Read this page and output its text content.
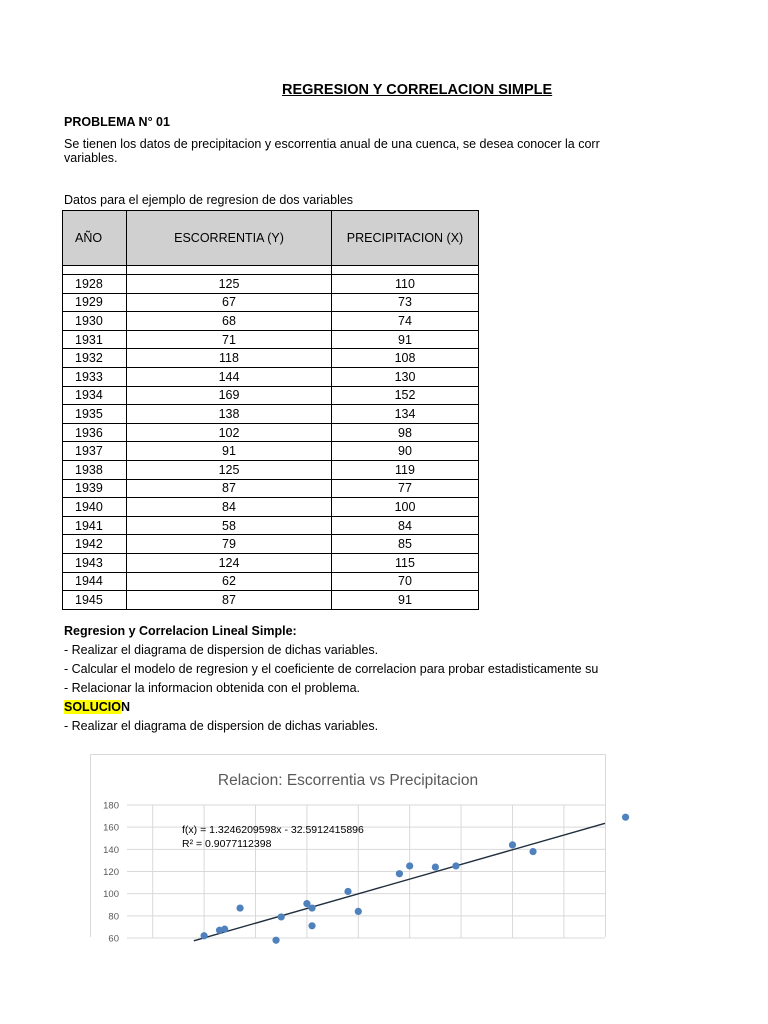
REGRESION Y CORRELACION SIMPLE
PROBLEMA N° 01
Se tienen los datos de precipitacion y escorrentia anual de una cuenca, se desea conocer la corr
variables.
Datos para el ejemplo de regresion de dos variables
AÑO	ESCORRENTIA (Y)	PRECIPITACION (X)

1928	125	110
1929	67	73
1930	68	74
1931	71	91
1932	118	108
1933	144	130
1934	169	152
1935	138	134
1936	102	98
1937	91	90
1938	125	119
1939	87	77
1940	84	100
1941	58	84
1942	79	85
1943	124	115
1944	62	70
1945	87	91
Regresion y Correlacion Lineal Simple:
- Realizar el diagrama de dispersion de dichas variables.
- Calcular el modelo de regresion y el coeficiente de correlacion para probar estadisticamente su
- Relacionar la informacion obtenida con el problema.
SOLUCION
- Realizar el diagrama de dispersion de dichas variables.
Relacion: Escorrentia vs Precipitacion
180
160
140
120
100
80
60
f(x) = 1.3246209598x - 32.5912415896
R² = 0.9077112398
